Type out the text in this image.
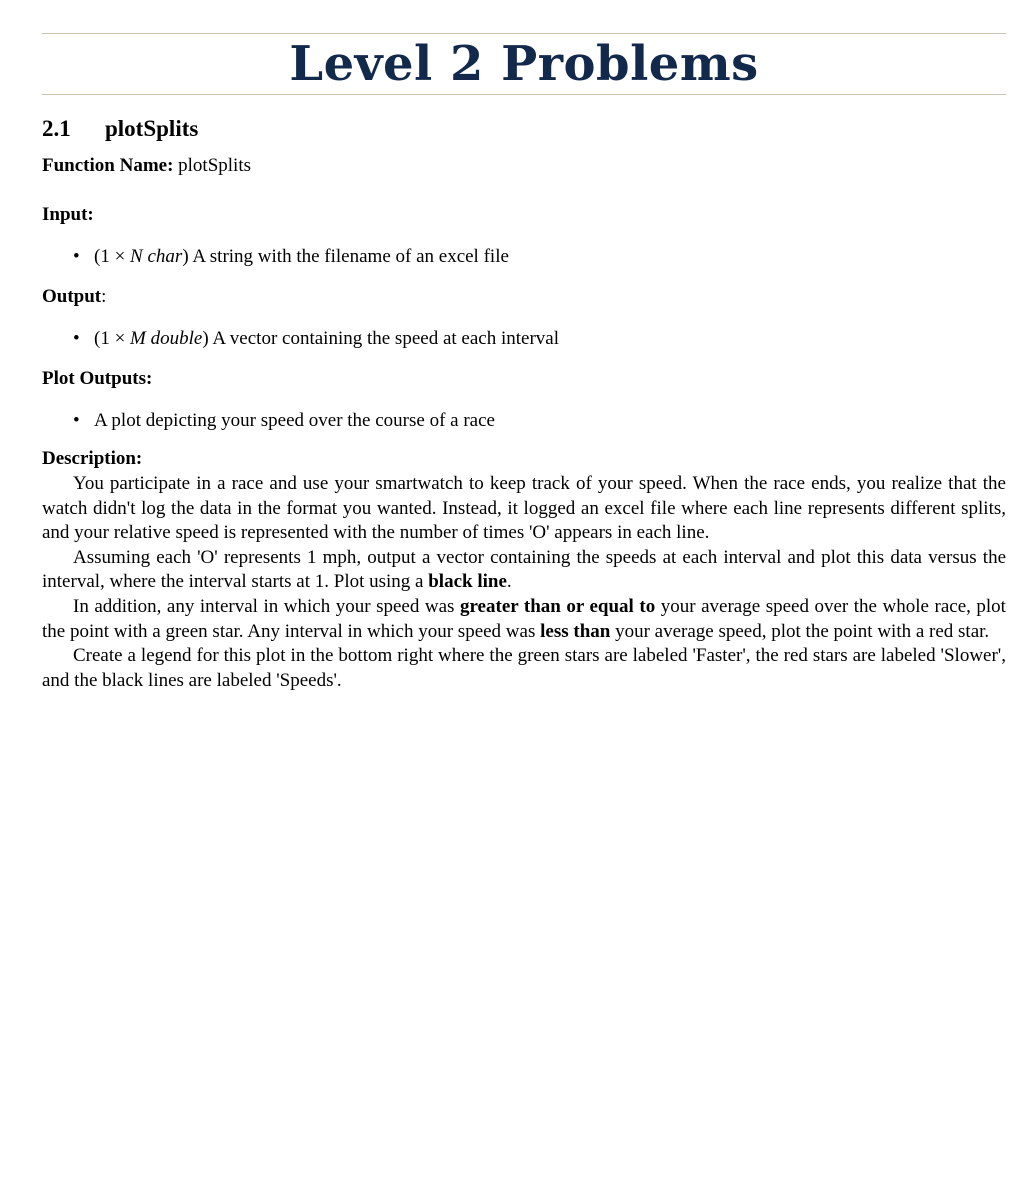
Level 2 Problems
2.1 plotSplits
Function Name: plotSplits
Input:
• (1 × N char) A string with the filename of an excel file
Output:
• (1 × M double) A vector containing the speed at each interval
Plot Outputs:
• A plot depicting your speed over the course of a race
Description:

You participate in a race and use your smartwatch to keep track of your speed. When the race ends, you realize that the watch didn't log the data in the format you wanted. Instead, it logged an excel file where each line represents different splits, and your relative speed is represented with the number of times 'O' appears in each line.

Assuming each 'O' represents 1 mph, output a vector containing the speeds at each interval and plot this data versus the interval, where the interval starts at 1. Plot using a black line.

In addition, any interval in which your speed was greater than or equal to your average speed over the whole race, plot the point with a green star. Any interval in which your speed was less than your average speed, plot the point with a red star.

Create a legend for this plot in the bottom right where the green stars are labeled 'Faster', the red stars are labeled 'Slower', and the black lines are labeled 'Speeds'.
